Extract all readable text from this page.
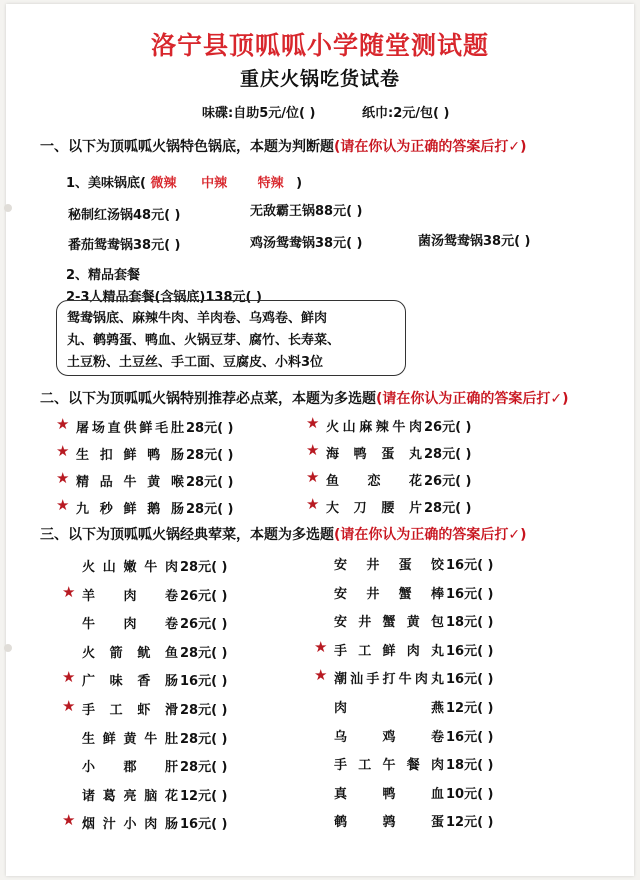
洛宁县顶呱呱小学随堂测试题
重庆火锅吃货试卷
味碟:自助5元/位( )	纸巾:2元/包( )
一、以下为顶呱呱火锅特色锅底，本题为判断题(请在你认为正确的答案后打✓)
1、美味锅底( 微辣 中辣 特辣 )
秘制红汤锅48元( )	无敌霸王锅88元( )
番茄鸳鸯锅38元( )	鸡汤鸳鸯锅38元( )	菌汤鸳鸯锅38元( )
2、精品套餐
2-3人精品套餐(含锅底)138元( )
鸳鸯锅底、麻辣牛肉、羊肉卷、乌鸡卷、鲜肉
丸、鹌鹑蛋、鸭血、火锅豆芽、腐竹、长寿菜、
土豆粉、土豆丝、手工面、豆腐皮、小料3位
二、以下为顶呱呱火锅特别推荐必点菜，本题为多选题(请在你认为正确的答案后打✓)
★ 屠场直供鲜毛肚 28元( )
★ 生扣鲜鸭肠 28元( )
★ 精品牛黄喉 28元( )
★ 九秒鲜鹅肠 28元( )
★ 火山麻辣牛肉 26元( )
★ 海鸭蛋丸 28元( )
★ 鱼恋花 26元( )
★ 大刀腰片 28元( )
三、以下为顶呱呱火锅经典荤菜，本题为多选题(请在你认为正确的答案后打✓)
火山嫩牛肉 28元( )
★ 羊肉卷 26元( )
牛肉卷 26元( )
火箭鱿鱼 28元( )
★ 广味香肠 16元( )
★ 手工虾滑 28元( )
生鲜黄牛肚 28元( )
小郡肝 28元( )
诸葛亮脑花 12元( )
★ 烟汁小肉肠 16元( )
安井蛋饺 16元( )
安井蟹棒 16元( )
安井蟹黄包 18元( )
★ 手工鲜肉丸 16元( )
★ 潮汕手打牛肉丸 16元( )
肉燕 12元( )
乌鸡卷 16元( )
手工午餐肉 18元( )
真鸭血 10元( )
鹌鹑蛋 12元( )
